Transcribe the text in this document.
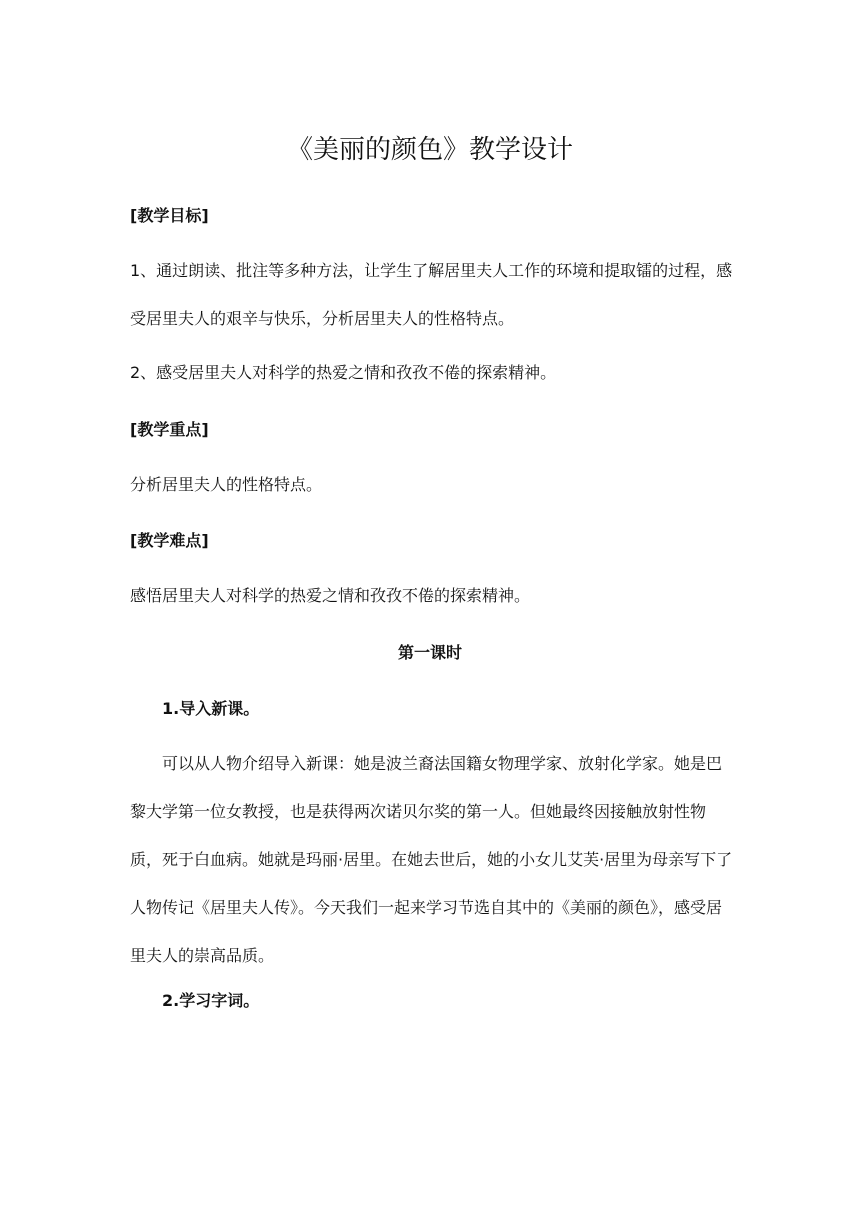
《美丽的颜色》教学设计

[教学目标]

1、通过朗读、批注等多种方法，让学生了解居里夫人工作的环境和提取镭的过程，感受居里夫人的艰辛与快乐，分析居里夫人的性格特点。

2、感受居里夫人对科学的热爱之情和孜孜不倦的探索精神。

[教学重点]

分析居里夫人的性格特点。

[教学难点]

感悟居里夫人对科学的热爱之情和孜孜不倦的探索精神。

第一课时

1.导入新课。

可以从人物介绍导入新课：她是波兰裔法国籍女物理学家、放射化学家。她是巴黎大学第一位女教授，也是获得两次诺贝尔奖的第一人。但她最终因接触放射性物质，死于白血病。她就是玛丽·居里。在她去世后，她的小女儿艾芙·居里为母亲写下了人物传记《居里夫人传》。今天我们一起来学习节选自其中的《美丽的颜色》，感受居里夫人的崇高品质。

2.学习字词。
